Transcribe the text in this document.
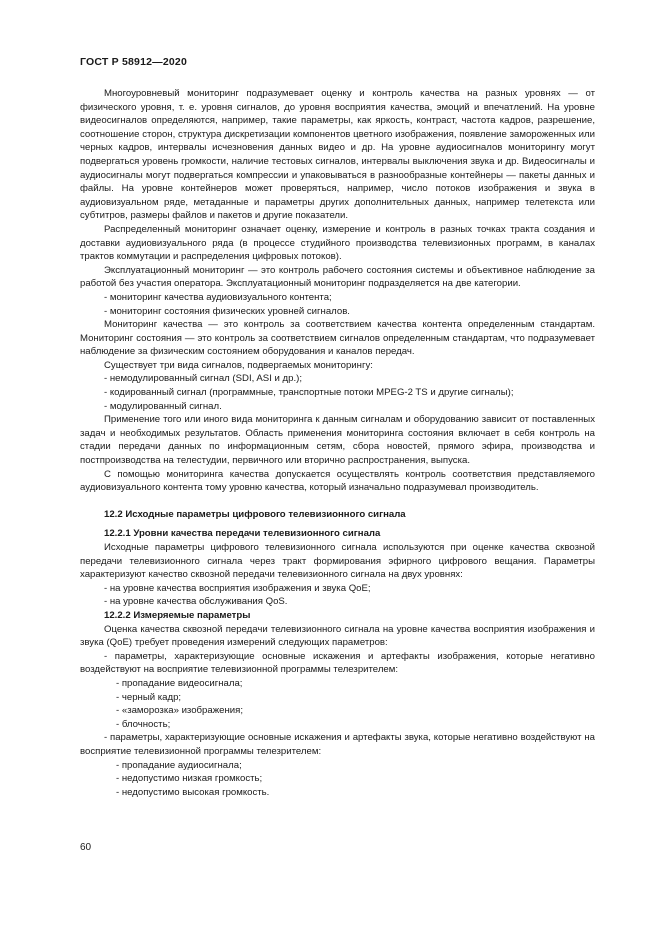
ГОСТ Р 58912—2020

Многоуровневый мониторинг подразумевает оценку и контроль качества на разных уровнях — от физического уровня, т. е. уровня сигналов, до уровня восприятия качества, эмоций и впечатлений. На уровне видеосигналов определяются, например, такие параметры, как яркость, контраст, частота кадров, разрешение, соотношение сторон, структура дискретизации компонентов цветного изображения, появление замороженных или черных кадров, интервалы исчезновения данных видео и др. На уровне аудиосигналов мониторингу могут подвергаться уровень громкости, наличие тестовых сигналов, интервалы выключения звука и др. Видеосигналы и аудиосигналы могут подвергаться компрессии и упаковываться в разнообразные контейнеры — пакеты данных и файлы. На уровне контейнеров может проверяться, например, число потоков изображения и звука в аудиовизуальном ряде, метаданные и параметры других дополнительных данных, например телетекста или субтитров, размеры файлов и пакетов и другие показатели.

Распределенный мониторинг означает оценку, измерение и контроль в разных точках тракта создания и доставки аудиовизуального ряда (в процессе студийного производства телевизионных программ, в каналах трактов коммутации и распределения цифровых потоков).

Эксплуатационный мониторинг — это контроль рабочего состояния системы и объективное наблюдение за работой без участия оператора. Эксплуатационный мониторинг подразделяется на две категории.

- мониторинг качества аудиовизуального контента;

- мониторинг состояния физических уровней сигналов.

Мониторинг качества — это контроль за соответствием качества контента определенным стандартам. Мониторинг состояния — это контроль за соответствием сигналов определенным стандартам, что подразумевает наблюдение за физическим состоянием оборудования и каналов передач.

Существует три вида сигналов, подвергаемых мониторингу:

- немодулированный сигнал (SDI, ASI и др.);

- кодированный сигнал (программные, транспортные потоки MPEG-2 TS и другие сигналы);

- модулированный сигнал.

Применение того или иного вида мониторинга к данным сигналам и оборудованию зависит от поставленных задач и необходимых результатов. Область применения мониторинга состояния включает в себя контроль на стадии передачи данных по информационным сетям, сбора новостей, прямого эфира, производства и постпроизводства на телестудии, первичного или вторично распространения, выпуска.

С помощью мониторинга качества допускается осуществлять контроль соответствия представляемого аудиовизуального контента тому уровню качества, который изначально подразумевал производитель.

12.2 Исходные параметры цифрового телевизионного сигнала

12.2.1 Уровни качества передачи телевизионного сигнала

Исходные параметры цифрового телевизионного сигнала используются при оценке качества сквозной передачи телевизионного сигнала через тракт формирования эфирного цифрового вещания. Параметры характеризуют качество сквозной передачи телевизионного сигнала на двух уровнях:

- на уровне качества восприятия изображения и звука QoE;

- на уровне качества обслуживания QoS.

12.2.2 Измеряемые параметры

Оценка качества сквозной передачи телевизионного сигнала на уровне качества восприятия изображения и звука (QoE) требует проведения измерений следующих параметров:

- параметры, характеризующие основные искажения и артефакты изображения, которые негативно воздействуют на восприятие телевизионной программы телезрителем:

- пропадание видеосигнала;

- черный кадр;

- «заморозка» изображения;

- блочность;

- параметры, характеризующие основные искажения и артефакты звука, которые негативно воздействуют на восприятие телевизионной программы телезрителем:

- пропадание аудиосигнала;

- недопустимо низкая громкость;

- недопустимо высокая громкость.

60
